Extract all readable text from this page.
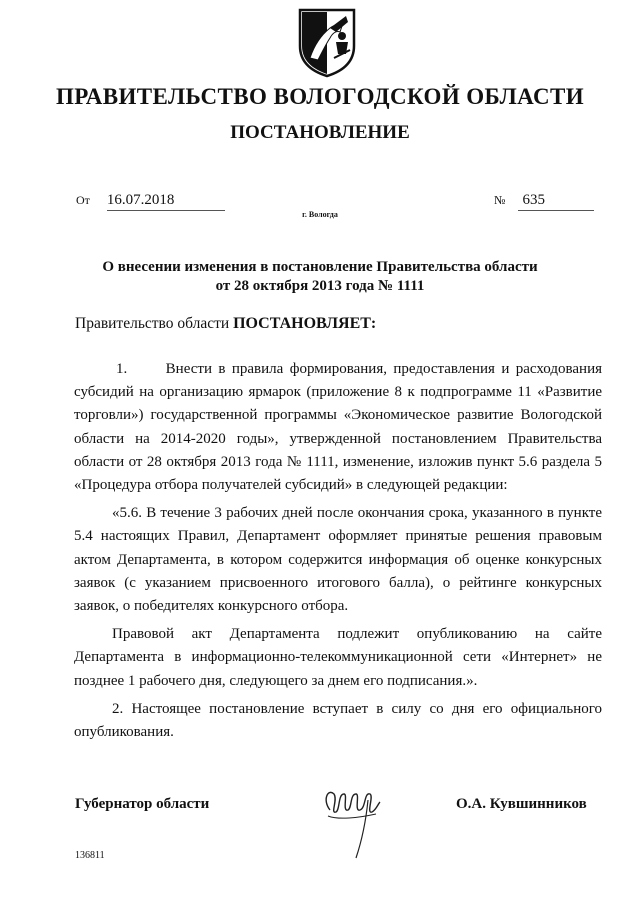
ПРАВИТЕЛЬСТВО ВОЛОГОДСКОЙ ОБЛАСТИ
ПОСТАНОВЛЕНИЕ
От 16.07.2018	№ 635
г. Вологда
О внесении изменения в постановление Правительства области
от 28 октября 2013 года № 1111
Правительство области ПОСТАНОВЛЯЕТ:

1.      Внести в правила формирования, предоставления и расходования субсидий на организацию ярмарок (приложение 8 к подпрограмме 11 «Развитие торговли») государственной программы «Экономическое развитие Вологодской области на 2014-2020 годы», утвержденной постановлением Правительства области от 28 октября 2013 года № 1111, изменение, изложив пункт 5.6 раздела 5 «Процедура отбора получателей субсидий» в следующей редакции:

«5.6. В течение 3 рабочих дней после окончания срока, указанного в пункте 5.4 настоящих Правил, Департамент оформляет принятые решения правовым актом Департамента, в котором содержится информация об оценке конкурсных заявок (с указанием присвоенного итогового балла), о рейтинге конкурсных заявок, о победителях конкурсного отбора.

Правовой акт Департамента подлежит опубликованию на сайте Департамента в информационно-телекоммуникационной сети «Интернет» не позднее 1 рабочего дня, следующего за днем его подписания.».

2. Настоящее постановление вступает в силу со дня его официального опубликования.

Губернатор области	О.А. Кувшинников
136811
